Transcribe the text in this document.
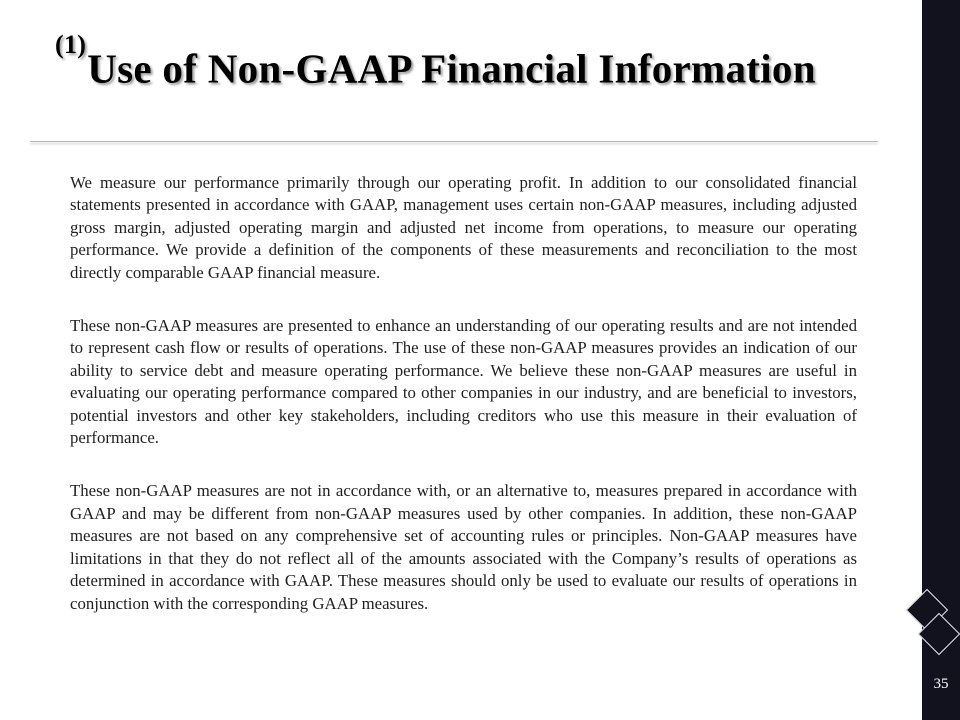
$^{(1)}$Use of Non-GAAP Financial Information

We measure our performance primarily through our operating profit. In addition to our consolidated financial statements presented in accordance with GAAP, management uses certain non-GAAP measures, including adjusted gross margin, adjusted operating margin and adjusted net income from operations, to measure our operating performance. We provide a definition of the components of these measurements and reconciliation to the most directly comparable GAAP financial measure.

These non-GAAP measures are presented to enhance an understanding of our operating results and are not intended to represent cash flow or results of operations. The use of these non-GAAP measures provides an indication of our ability to service debt and measure operating performance. We believe these non-GAAP measures are useful in evaluating our operating performance compared to other companies in our industry, and are beneficial to investors, potential investors and other key stakeholders, including creditors who use this measure in their evaluation of performance.

These non-GAAP measures are not in accordance with, or an alternative to, measures prepared in accordance with GAAP and may be different from non-GAAP measures used by other companies. In addition, these non-GAAP measures are not based on any comprehensive set of accounting rules or principles. Non-GAAP measures have limitations in that they do not reflect all of the amounts associated with the Company’s results of operations as determined in accordance with GAAP. These measures should only be used to evaluate our results of operations in conjunction with the corresponding GAAP measures.

35
